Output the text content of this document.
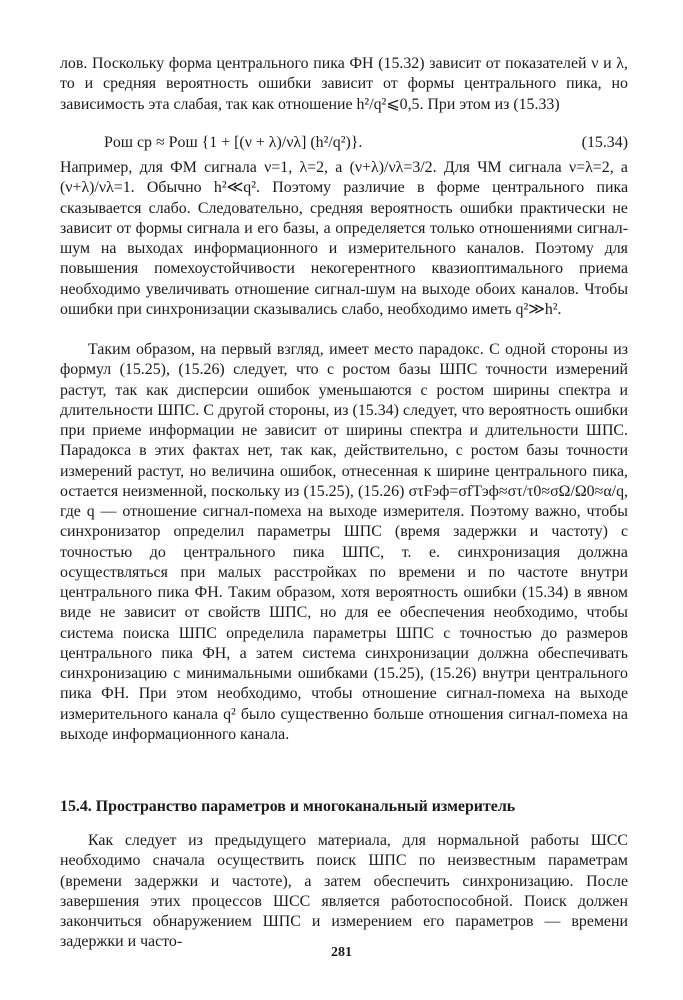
лов. Поскольку форма центрального пика ФН (15.32) зависит от показателей ν и λ, то и средняя вероятность ошибки зависит от формы центрального пика, но зависимость эта слабая, так как отношение h²/q²⩽0,5. При этом из (15.33)

Pош ср ≈ Pош {1 + [(ν + λ)/νλ] (h²/q²)}.	(15.34)

Например, для ФМ сигнала ν=1, λ=2, а (ν+λ)/νλ=3/2. Для ЧМ сигнала ν=λ=2, а (ν+λ)/νλ=1. Обычно h²≪q². Поэтому различие в форме центрального пика сказывается слабо. Следовательно, средняя вероятность ошибки практически не зависит от формы сигнала и его базы, а определяется только отношениями сигнал-шум на выходах информационного и измерительного каналов. Поэтому для повышения помехоустойчивости некогерентного квазиоптимального приема необходимо увеличивать отношение сигнал-шум на выходе обоих каналов. Чтобы ошибки при синхронизации сказывались слабо, необходимо иметь q²≫h².

Таким образом, на первый взгляд, имеет место парадокс. С одной стороны из формул (15.25), (15.26) следует, что с ростом базы ШПС точности измерений растут, так как дисперсии ошибок уменьшаются с ростом ширины спектра и длительности ШПС. С другой стороны, из (15.34) следует, что вероятность ошибки при приеме информации не зависит от ширины спектра и длительности ШПС. Парадокса в этих фактах нет, так как, действительно, с ростом базы точности измерений растут, но величина ошибок, отнесенная к ширине центрального пика, остается неизменной, поскольку из (15.25), (15.26) στFэф=σfTэф≈στ/τ0≈σΩ/Ω0≈α/q, где q — отношение сигнал-помеха на выходе измерителя. Поэтому важно, чтобы синхронизатор определил параметры ШПС (время задержки и частоту) с точностью до центрального пика ШПС, т. е. синхронизация должна осуществляться при малых расстройках по времени и по частоте внутри центрального пика ФН. Таким образом, хотя вероятность ошибки (15.34) в явном виде не зависит от свойств ШПС, но для ее обеспечения необходимо, чтобы система поиска ШПС определила параметры ШПС с точностью до размеров центрального пика ФН, а затем система синхронизации должна обеспечивать синхронизацию с минимальными ошибками (15.25), (15.26) внутри центрального пика ФН. При этом необходимо, чтобы отношение сигнал-помеха на выходе измерительного канала q² было существенно больше отношения сигнал-помеха на выходе информационного канала.

15.4. Пространство параметров и многоканальный измеритель

Как следует из предыдущего материала, для нормальной работы ШСС необходимо сначала осуществить поиск ШПС по неизвестным параметрам (времени задержки и частоте), а затем обеспечить синхронизацию. После завершения этих процессов ШСС является работоспособной. Поиск должен закончиться обнаружением ШПС и измерением его параметров — времени задержки и часто-

281
